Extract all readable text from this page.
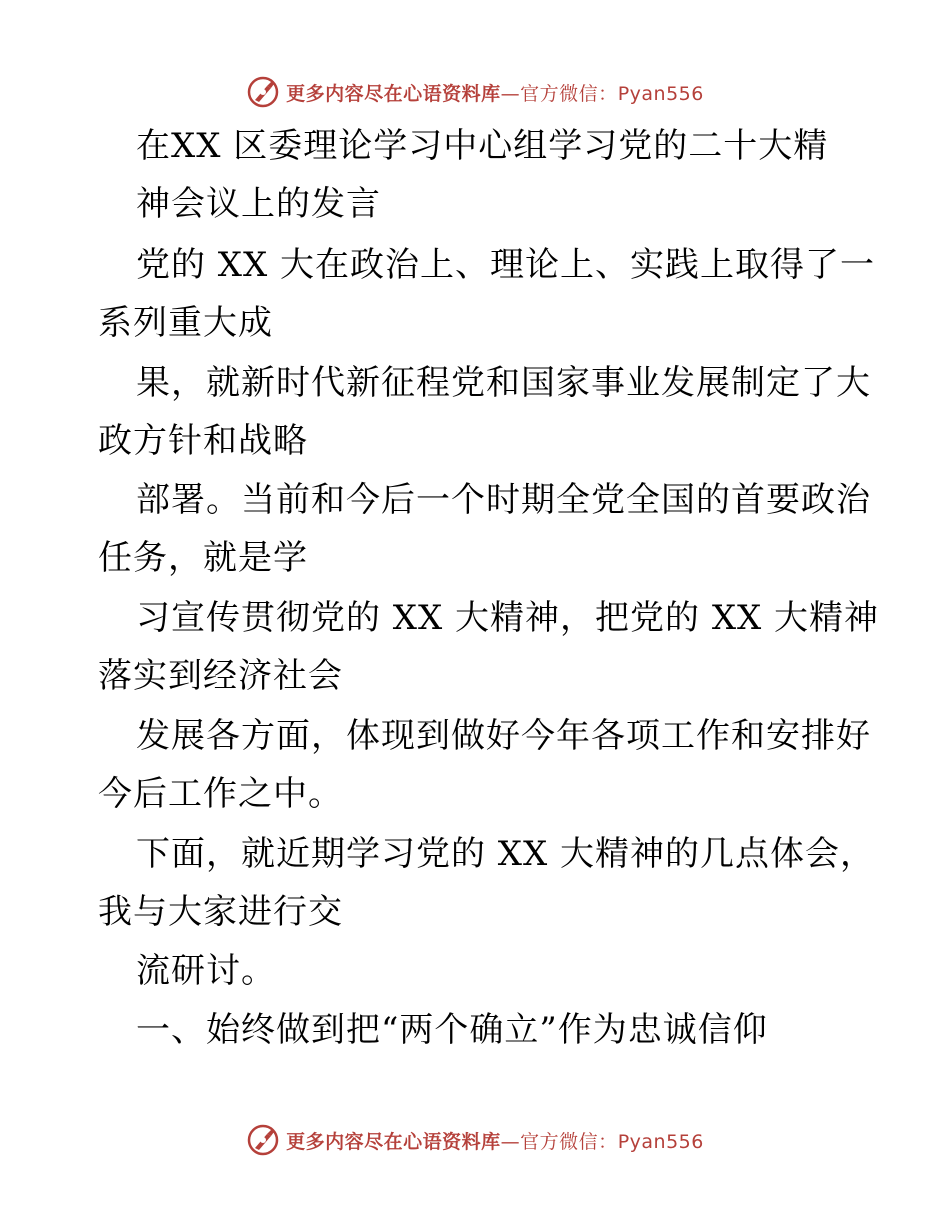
更多内容尽在心语资料库—官方微信：Pyan556
在XX 区委理论学习中心组学习党的二十大精
神会议上的发言
党的 XX 大在政治上、理论上、实践上取得了一
系列重大成
果，就新时代新征程党和国家事业发展制定了大
政方针和战略
部署。当前和今后一个时期全党全国的首要政治
任务，就是学
习宣传贯彻党的 XX 大精神，把党的 XX 大精神
落实到经济社会
发展各方面，体现到做好今年各项工作和安排好
今后工作之中。
下面，就近期学习党的 XX 大精神的几点体会，
我与大家进行交
流研讨。
一、始终做到把“两个确立”作为忠诚信仰
更多内容尽在心语资料库—官方微信：Pyan556
